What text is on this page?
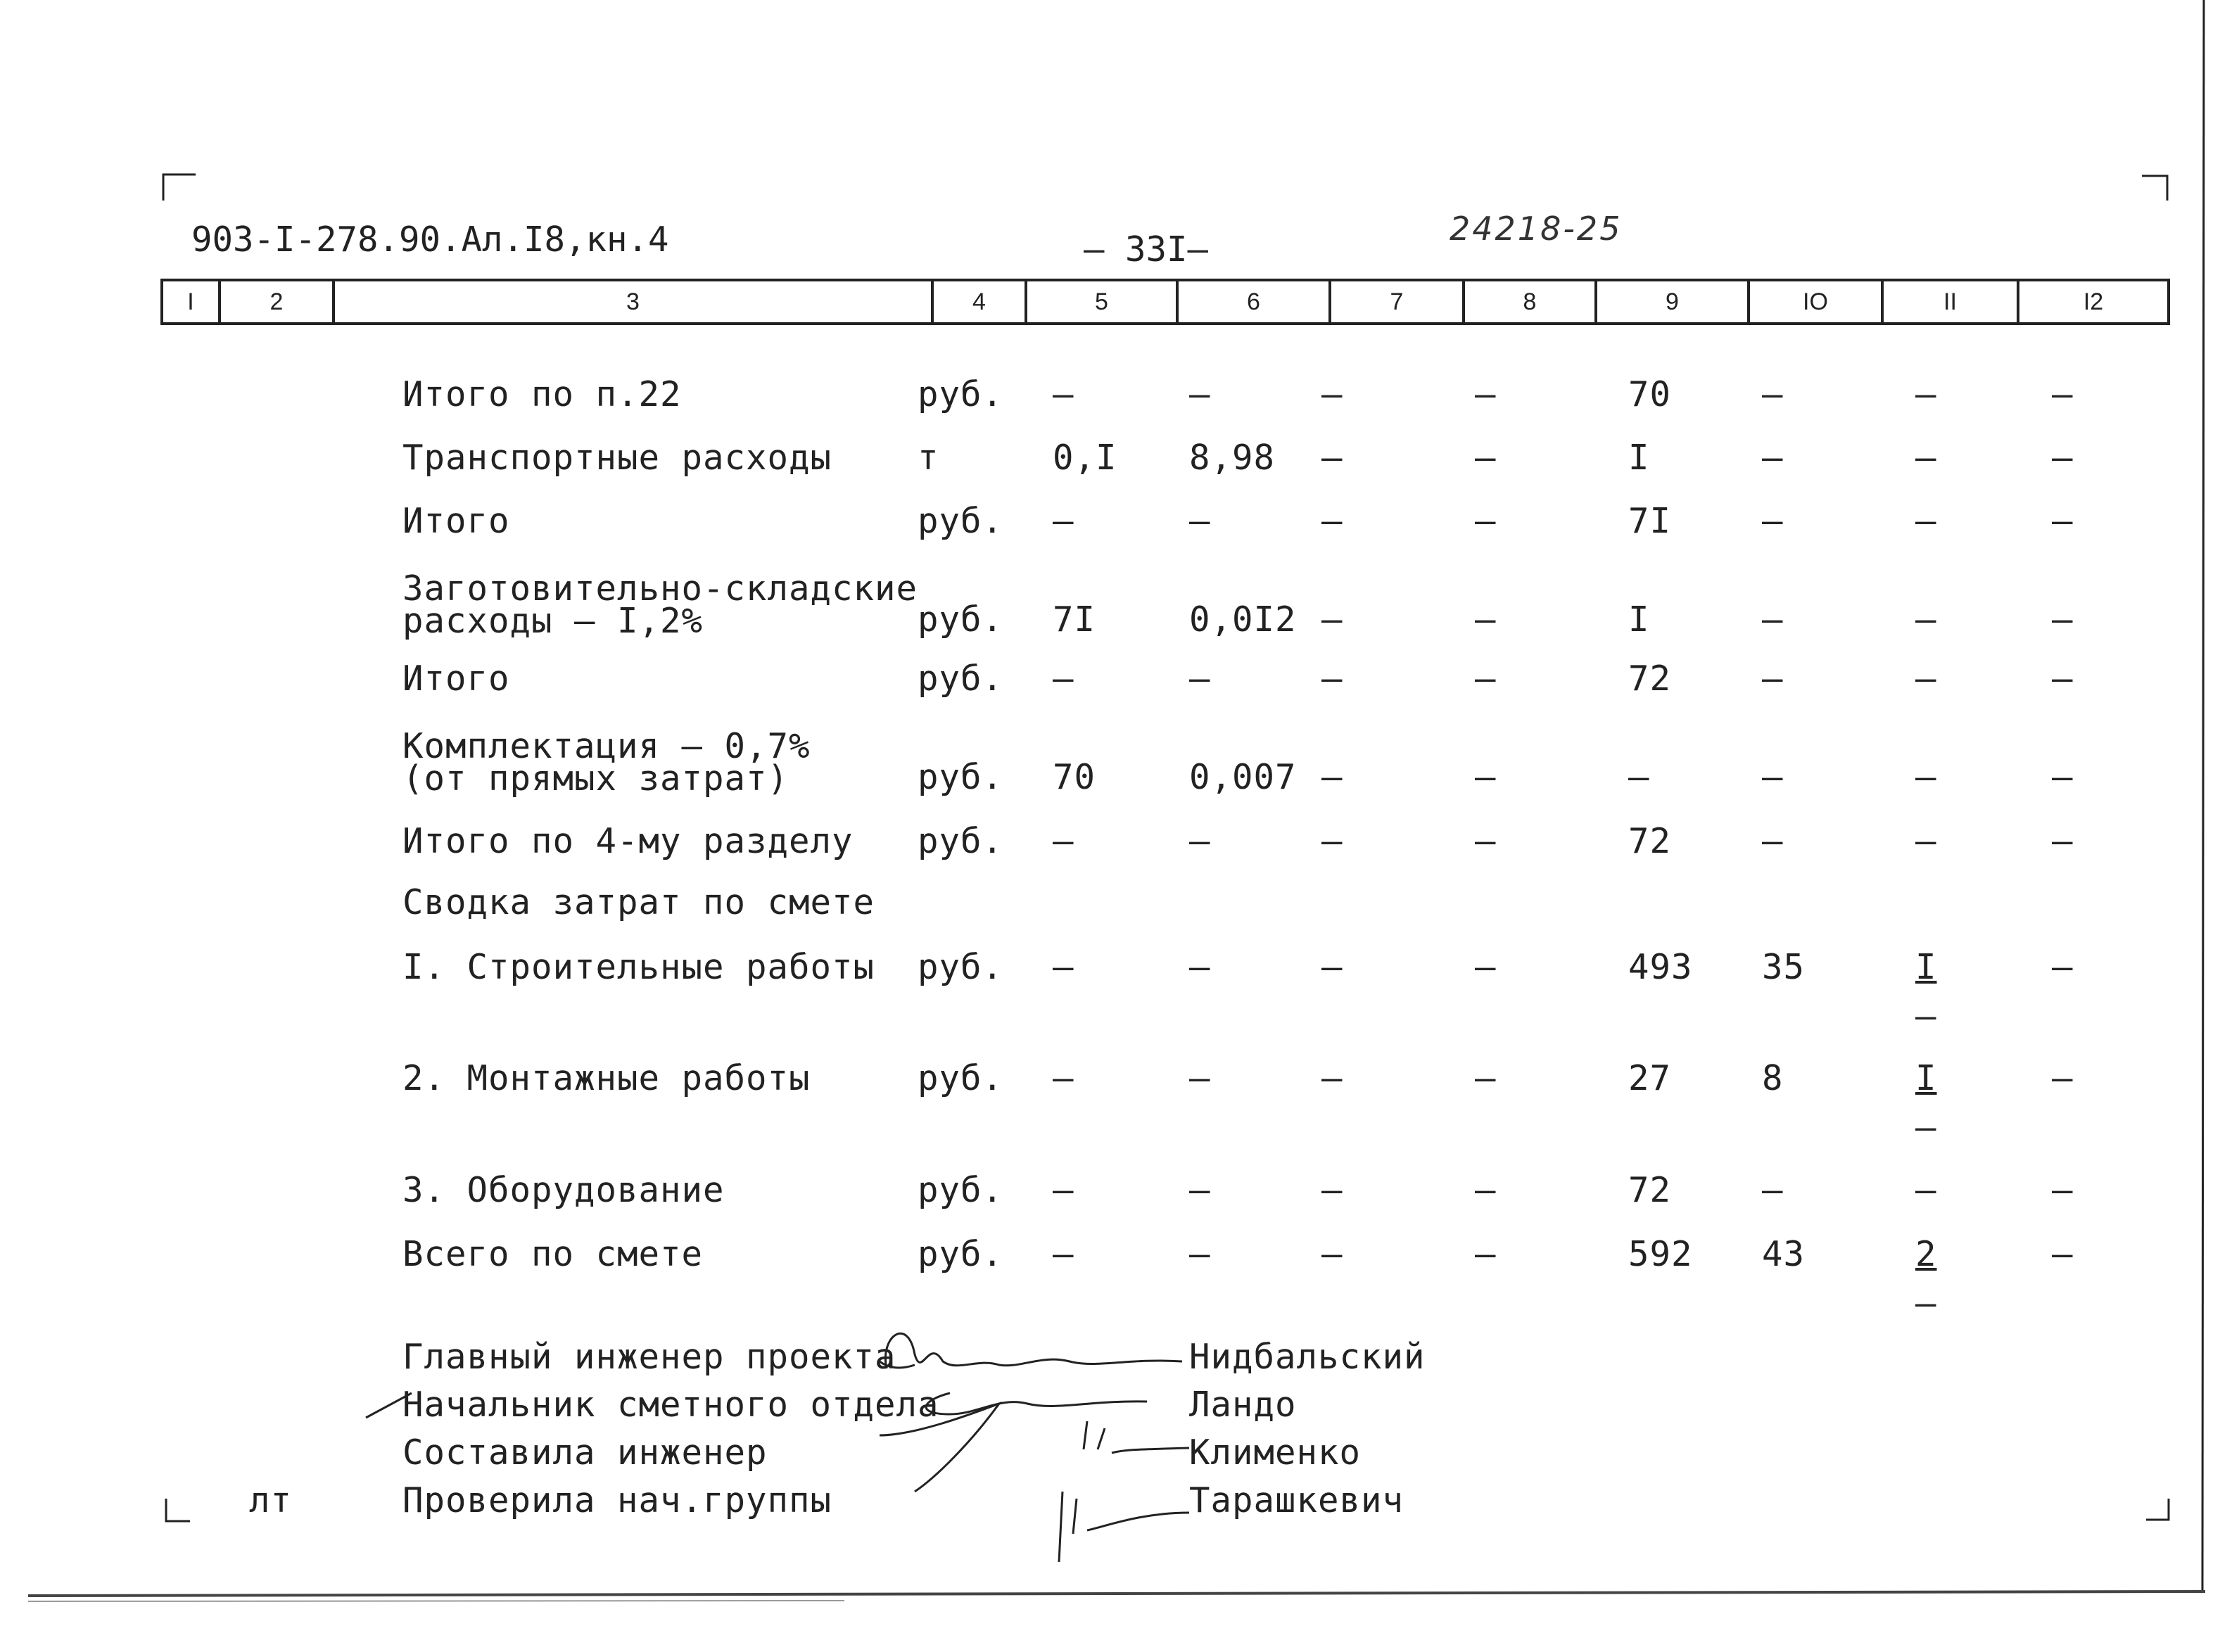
903-I-278.90.Ал.I8,кн.4	— 33I—
24218-25
I	2	3	4	5	6	7	8	9	IO	II	I2
Итого по п.22	руб. –	–	–	–	70	–	–	–
Транспортные расходы т	0,I 8,98 –	–	I	–	–	–
Итого	руб. –	–	–	–	7I	–	–	–
Заготовительно-складские
расходы – I,2%	руб. 7I	0,0I2 –	–	I	–	–	–
Итого	руб. –	–	–	–	72	–	–	–
Комплектация – 0,7%
(от прямых затрат)	руб. 70	0,007 –	–	–	–	–	–
Итого по 4-му разделу руб. –	–	–	–	72	–	–	–
Сводка затрат по смете
I. Строительные работы руб. –	–	–	–	493 35	I	–
–
2. Монтажные работы	руб. –	–	–	–	27	8	I	–
–
3. Оборудование	руб. –	–	–	–	72	–	–	–
Всего по смете	руб. –	–	–	–	592 43	2	–
–
Главный инженер проекта	Нидбальский
Начальник сметного отдела	Ландо
Составила инженер	Клименко
Проверила нач.группы	Тарашкевич
лт
